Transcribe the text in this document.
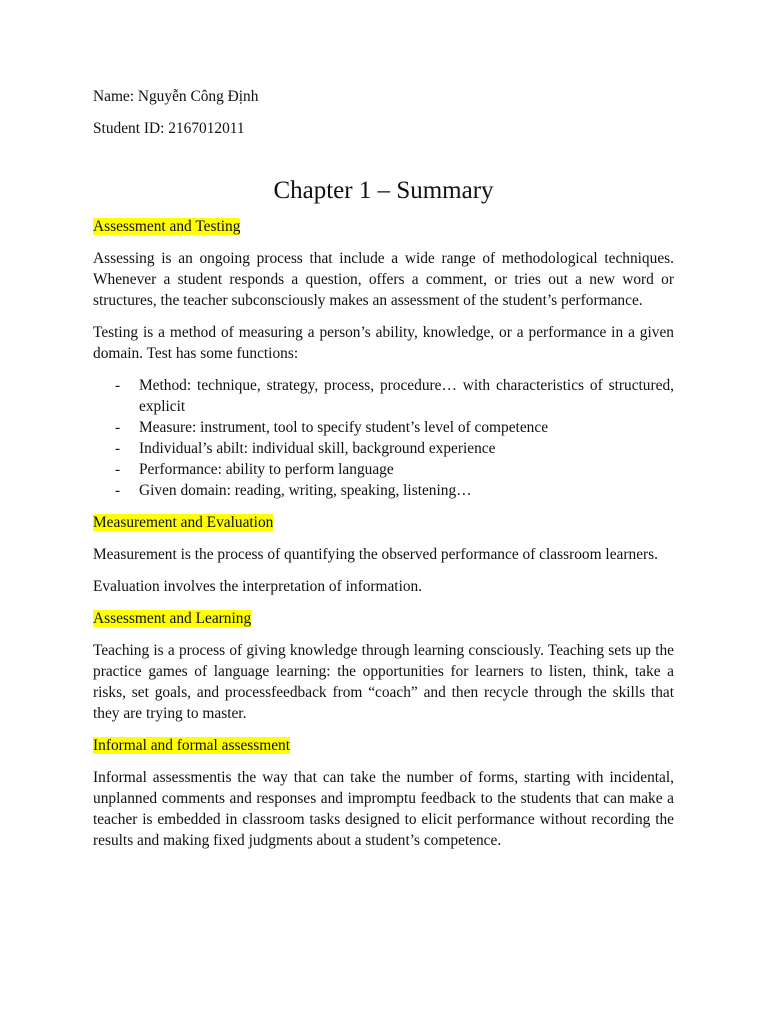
Name: Nguyễn Công Định

Student ID: 2167012011

Chapter 1 – Summary

Assessment and Testing

Assessing is an ongoing process that include a wide range of methodological techniques. Whenever a student responds a question, offers a comment, or tries out a new word or structures, the teacher subconsciously makes an assessment of the student’s performance.

Testing is a method of measuring a person’s ability, knowledge, or a performance in a given domain. Test has some functions:

- Method: technique, strategy, process, procedure… with characteristics of structured, explicit
- Measure: instrument, tool to specify student’s level of competence
- Individual’s abilt: individual skill, background experience
- Performance: ability to perform language
- Given domain: reading, writing, speaking, listening…

Measurement and Evaluation

Measurement is the process of quantifying the observed performance of classroom learners.

Evaluation involves the interpretation of information.

Assessment and Learning

Teaching is a process of giving knowledge through learning consciously. Teaching sets up the practice games of language learning: the opportunities for learners to listen, think, take a risks, set goals, and processfeedback from “coach” and then recycle through the skills that they are trying to master.

Informal and formal assessment

Informal assessmentis the way that can take the number of forms, starting with incidental, unplanned comments and responses and impromptu feedback to the students that can make a teacher is embedded in classroom tasks designed to elicit performance without recording the results and making fixed judgments about a student’s competence.
